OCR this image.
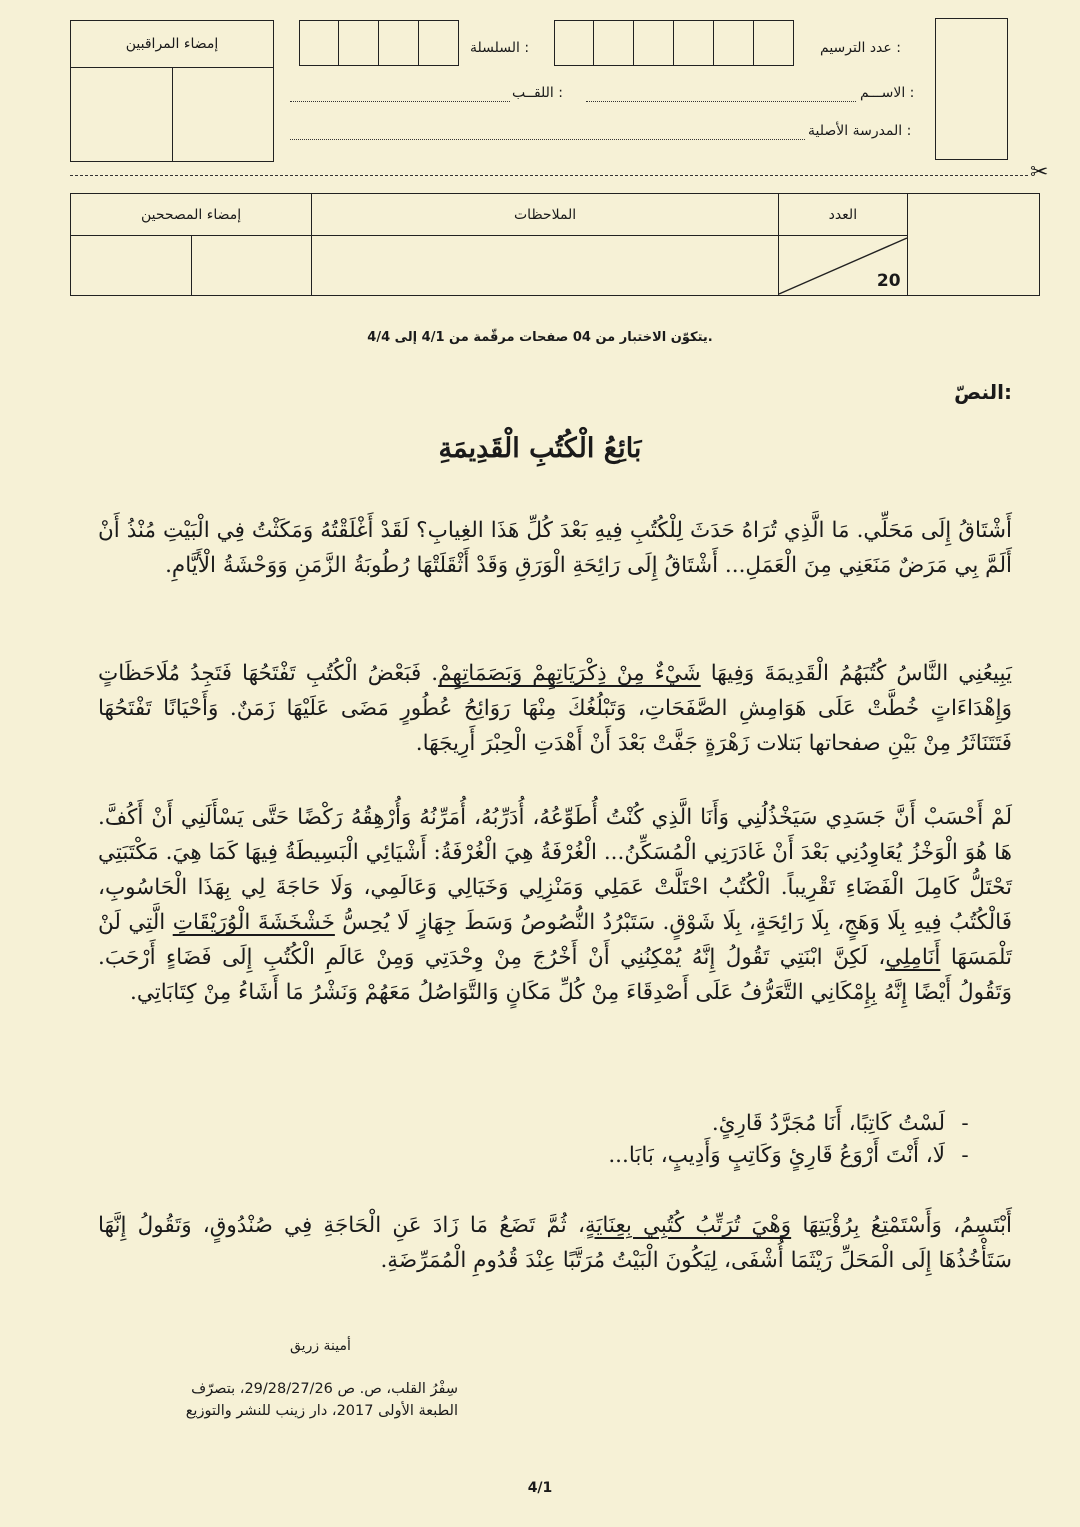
عدد الترسيم :
السلسلة :
الاســـم :
اللقــب :
المدرسة الأصلية :
إمضاء المراقبين
✂
إمضاء المصححين		الملاحظات	العدد	

			20	
يتكوّن الاختبار من 04 صفحات مرقّمة من 4/1 إلى 4/4.
النصّ:
بَائِعُ الْكُتُبِ الْقَدِيمَةِ
أَشْتَاقُ إِلَى مَحَلِّي. مَا الَّذِي تُرَاهُ حَدَثَ لِلْكُتُبِ فِيهِ بَعْدَ كُلِّ هَذَا الغِيابِ؟ لَقَدْ أَغْلَقْتُهُ وَمَكَثْتُ فِي الْبَيْتِ مُنْذُ أَنْ أَلَمَّ بِي مَرَضٌ مَنَعَنِي مِنَ الْعَمَلِ... أَشْتَاقُ إِلَى رَائِحَةِ الْوَرَقِ وَقَدْ أَثْقَلَتْهَا رُطُوبَةُ الزَّمَنِ وَوَحْشَةُ الْأَيَّامِ.
يَبِيعُنِي النَّاسُ كُتُبَهُمُ الْقَدِيمَةَ وَفِيهَا شَيْءٌ مِنْ ذِكْرَيَاتِهِمْ وَبَصَمَاتِهِمْ. فَبَعْضُ الْكُتُبِ تَفْتَحُهَا فَتَجِدُ مُلَاحَظَاتٍ وَإِهْدَاءَاتٍ خُطَّتْ عَلَى هَوَامِشِ الصَّفَحَاتِ، وَتَبْلُغُكَ مِنْهَا رَوَائِحُ عُطُورٍ مَضَى عَلَيْهَا زَمَنٌ. وَأَحْيَانًا تَفْتَحُهَا فَتَتَنَاثَرُ مِنْ بَيْنِ صفحاتها بَتلات زَهْرَةٍ جَفَّتْ بَعْدَ أَنْ أَهْدَتِ الْحِبْرَ أَرِيجَهَا.
لَمْ أَحْسَبْ أَنَّ جَسَدِي سَيَخْذُلُنِي وَأَنَا الَّذِي كُنْتُ أُطَوِّعُهُ، أُدَرِّبُهُ، أُمَرِّنُهُ وَأُرْهِقُهُ رَكْضًا حَتَّى يَسْأَلَنِي أَنْ أَكُفَّ. هَا هُوَ الْوَخْزُ يُعَاوِدُنِي بَعْدَ أَنْ غَادَرَنِي الْمُسَكِّنُ... الْغُرْفَةُ هِيَ الْغُرْفَةُ: أَشْيَائِي الْبَسِيطَةُ فِيهَا كَمَا هِيَ. مَكْتَبَتِي تَحْتَلُّ كَامِلَ الْفَضَاءِ تَقْرِيباً. الْكُتُبُ احْتَلَّتْ عَمَلِي وَمَنْزِلِي وَخَيَالِي وَعَالَمِي، وَلَا حَاجَةَ لِي بِهَذَا الْحَاسُوبِ، فَالْكُتُبُ فِيهِ بِلَا وَهَجٍ، بِلَا رَائِحَةٍ، بِلَا شَوْقٍ. سَتَبْرُدُ النُّصُوصُ وَسَطَ جِهَازٍ لَا يُحِسُّ خَشْخَشَةَ الْوُرَيْقَاتِ الَّتِي لَنْ تَلْمَسَهَا أَنَامِلِي، لَكِنَّ ابْنَتِي تَقُولُ إِنَّهُ يُمْكِنُنِي أَنْ أَخْرُجَ مِنْ وِحْدَتِي وَمِنْ عَالَمِ الْكُتُبِ إِلَى فَضَاءٍ أَرْحَبَ. وَتَقُولُ أَيْضًا إِنَّهُ بِإِمْكَانِي التَّعَرُّفُ عَلَى أَصْدِقَاءَ مِنْ كُلِّ مَكَانٍ وَالتَّوَاصُلُ مَعَهُمْ وَنَشْرُ مَا أَشَاءُ مِنْ كِتَابَاتِي.
-
لَسْتُ كَاتِبًا، أَنَا مُجَرَّدُ قَارِئٍ.
-
لَا، أَنْتَ أَرْوَعُ قَارِئٍ وَكَاتِبٍ وَأَدِيبٍ، بَابَا...
أَبْتَسِمُ، وَأَسْتَمْتِعُ بِرُؤْيَتِهَا وَهْيَ تُرَتِّبُ كُتُبِي بِعِنَايَةٍ، ثُمَّ تَضَعُ مَا زَادَ عَنِ الْحَاجَةِ فِي صُنْدُوقٍ، وَتَقُولُ إِنَّهَا سَتَأْخُذُهَا إِلَى الْمَحَلِّ رَيْثَمَا أُشْفَى، لِيَكُونَ الْبَيْتُ مُرَتَّبًا عِنْدَ قُدُومِ الْمُمَرِّضَةِ.
أمينة زريق
سِفْرُ القلب، ص. ص 29/28/27/26، بتصرّف
الطبعة الأولى 2017، دار زينب للنشر والتوزيع
4/1
